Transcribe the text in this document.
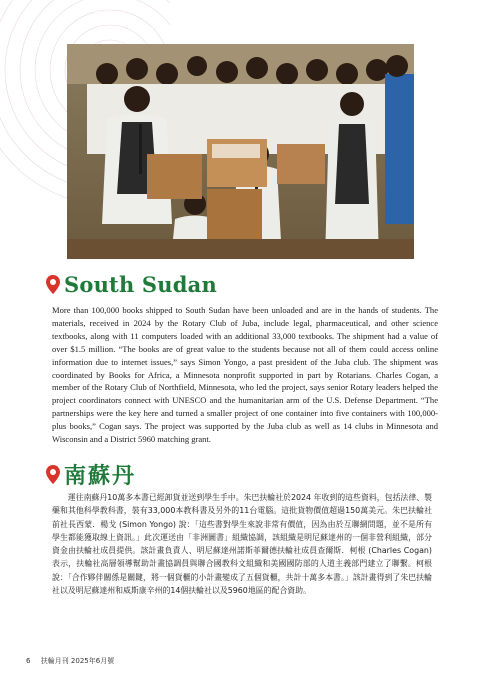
South Sudan

More than 100,000 books shipped to South Sudan have been unloaded and are in the hands of students. The materials, received in 2024 by the Rotary Club of Juba, include legal, pharmaceutical, and other science textbooks, along with 11 computers loaded with an additional 33,000 textbooks. The shipment had a value of over $1.5 million. “The books are of great value to the students because not all of them could access online information due to internet issues,” says Simon Yongo, a past president of the Juba club. The shipment was coordinated by Books for Africa, a Minnesota nonprofit supported in part by Rotarians. Charles Cogan, a member of the Rotary Club of Northfield, Minnesota, who led the project, says senior Rotary leaders helped the project coordinators connect with UNESCO and the humanitarian arm of the U.S. Defense Department. “The partnerships were the key here and turned a smaller project of one container into five containers with 100,000-plus books,” Cogan says. The project was supported by the Juba club as well as 14 clubs in Minnesota and Wisconsin and a District 5960 matching grant.

南蘇丹

運往南蘇丹10萬多本書已經卸貨並送到學生手中。朱巴扶輪社於2024 年收到的這些資料，包括法律、製藥和其他科學教科書，裝有33,000本教科書及另外的11台電腦。這批貨物價值超過150萬美元。朱巴扶輪社前社長西蒙．楊戈 (Simon Yongo) 說：「這些書對學生來說非常有價值，因為由於互聯網問題，並不是所有學生都能獲取線上資訊。」此次運送由「非洲圖書」組織協調，該組織是明尼蘇達州的一個非營利組織，部分資金由扶輪社成員提供。該計畫負責人、明尼蘇達州諾斯菲爾德扶輪社成員查爾斯．柯根 (Charles Cogan) 表示，扶輪社高層領導幫助計畫協調員與聯合國教科文組織和美國國防部的人道主義部門建立了聯繫。柯根說：「合作夥伴關係是關鍵，將一個貨櫃的小計畫變成了五個貨櫃，共計十萬多本書。」該計畫得到了朱巴扶輪社以及明尼蘇達州和威斯康辛州的14個扶輪社以及5960地區的配合資助。

6 扶輪月刊 2025年6月號
